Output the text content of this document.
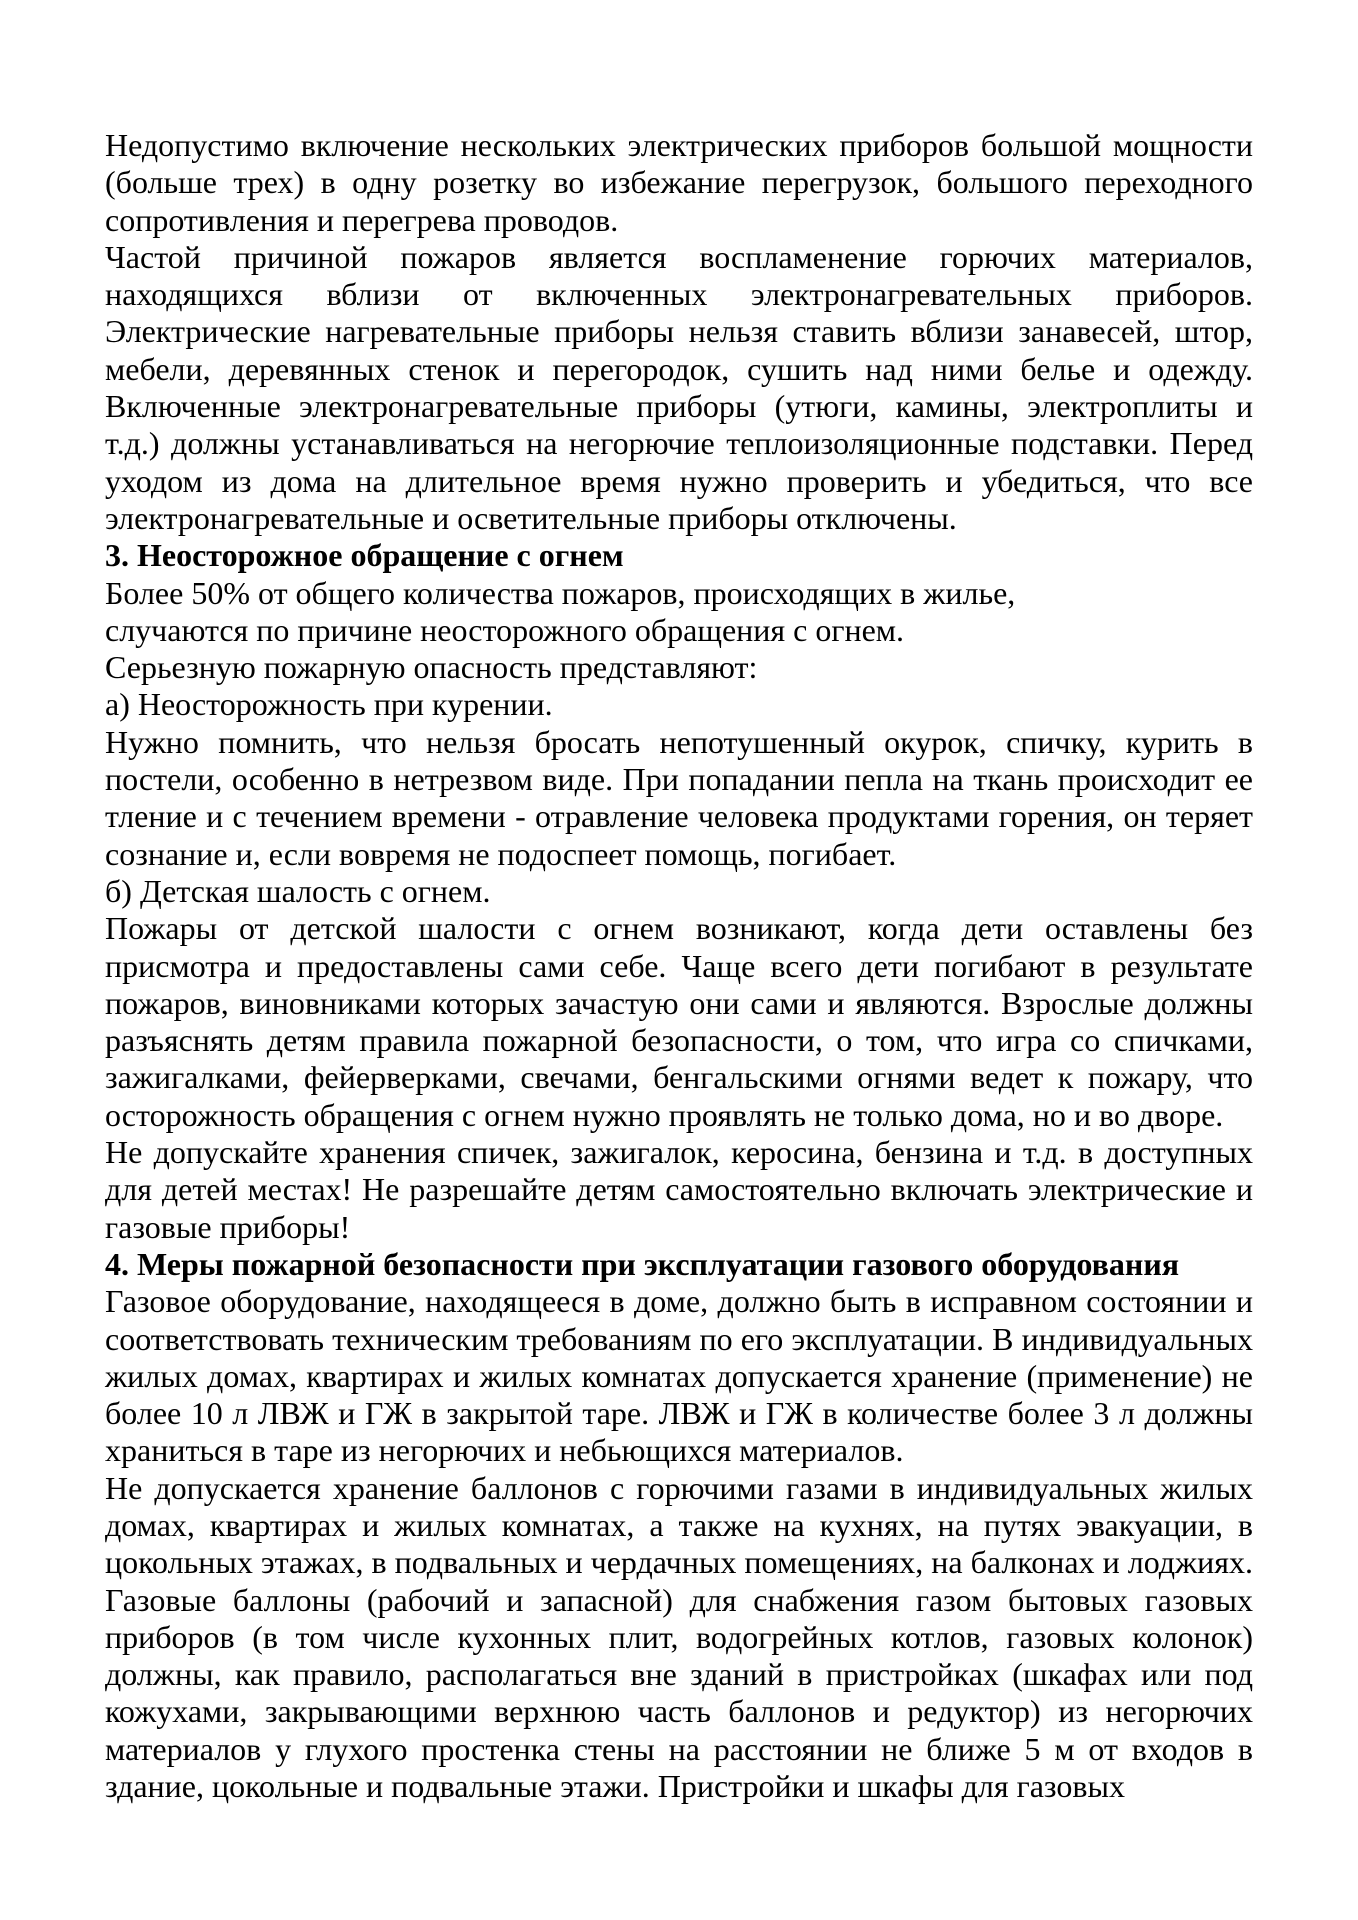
Недопустимо включение нескольких электрических приборов большой мощности (больше трех) в одну розетку во избежание перегрузок, большого переходного сопротивления и перегрева проводов.

Частой причиной пожаров является воспламенение горючих материалов, находящихся вблизи от включенных электронагревательных приборов. Электрические нагревательные приборы нельзя ставить вблизи занавесей, штор, мебели, деревянных стенок и перегородок, сушить над ними белье и одежду. Включенные электронагревательные приборы (утюги, камины, электроплиты и т.д.) должны устанавливаться на негорючие теплоизоляционные подставки. Перед уходом из дома на длительное время нужно проверить и убедиться, что все электронагревательные и осветительные приборы отключены.

3. Неосторожное обращение с огнем

Более 50% от общего количества пожаров, происходящих в жилье,

случаются по причине неосторожного обращения с огнем.

Серьезную пожарную опасность представляют:

а) Неосторожность при курении.

Нужно помнить, что нельзя бросать непотушенный окурок, спичку, курить в постели, особенно в нетрезвом виде. При попадании пепла на ткань происходит ее тление и с течением времени - отравление человека продуктами горения, он теряет сознание и, если вовремя не подоспеет помощь, погибает.

б) Детская шалость с огнем.

Пожары от детской шалости с огнем возникают, когда дети оставлены без присмотра и предоставлены сами себе. Чаще всего дети погибают в результате пожаров, виновниками которых зачастую они сами и являются. Взрослые должны разъяснять детям правила пожарной безопасности, о том, что игра со спичками, зажигалками, фейерверками, свечами, бенгальскими огнями ведет к пожару, что осторожность обращения с огнем нужно проявлять не только дома, но и во дворе.

Не допускайте хранения спичек, зажигалок, керосина, бензина и т.д. в доступных для детей местах! Не разрешайте детям самостоятельно включать электрические и газовые приборы!

4. Меры пожарной безопасности при эксплуатации газового оборудования

Газовое оборудование, находящееся в доме, должно быть в исправном состоянии и соответствовать техническим требованиям по его эксплуатации. В индивидуальных жилых домах, квартирах и жилых комнатах допускается хранение (применение) не более 10 л ЛВЖ и ГЖ в закрытой таре. ЛВЖ и ГЖ в количестве более 3 л должны храниться в таре из негорючих и небьющихся материалов.

Не допускается хранение баллонов с горючими газами в индивидуальных жилых домах, квартирах и жилых комнатах, а также на кухнях, на путях эвакуации, в цокольных этажах, в подвальных и чердачных помещениях, на балконах и лоджиях. Газовые баллоны (рабочий и запасной) для снабжения газом бытовых газовых приборов (в том числе кухонных плит, водогрейных котлов, газовых колонок) должны, как правило, располагаться вне зданий в пристройках (шкафах или под кожухами, закрывающими верхнюю часть баллонов и редуктор) из негорючих материалов у глухого простенка стены на расстоянии не ближе 5 м от входов в здание, цокольные и подвальные этажи. Пристройки и шкафы для газовых
